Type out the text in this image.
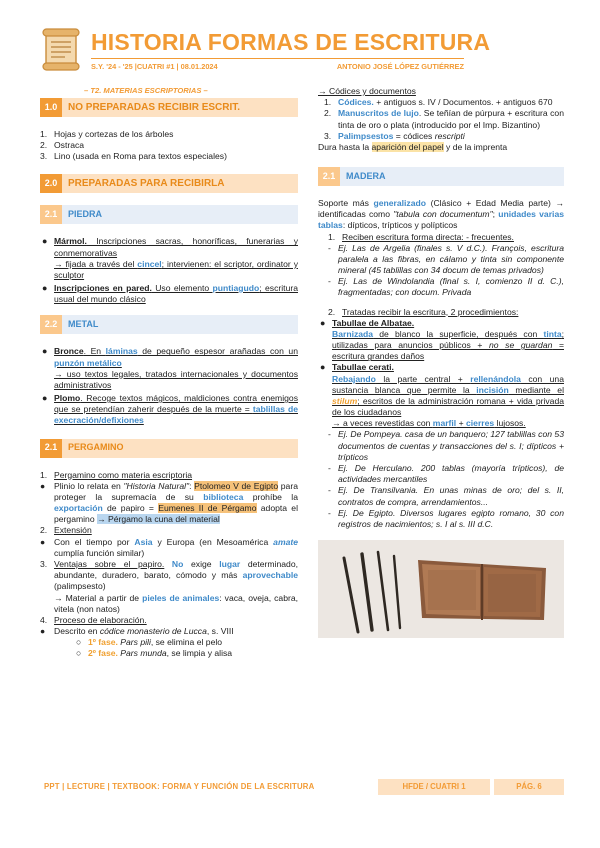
HISTORIA FORMAS DE ESCRITURA
S.Y. '24 - '25 |CUATRI #1 | 08.01.2024	ANTONIO JOSÉ LÓPEZ GUTIÉRREZ
– T2. MATERIAS ESCRIPTORIAS –
1.0	NO PREPARADAS RECIBIR ESCRIT.
1. Hojas y cortezas de los árboles
2. Ostraca
3. Lino (usada en Roma para textos especiales)
2.0	PREPARADAS PARA RECIBIRLA
2.1	PIEDRA
● Mármol. Inscripciones sacras, honoríficas, funerarias y conmemorativas
→ fijada a través del cincel; intervienen: el scriptor, ordinator y sculptor
● Inscripciones en pared. Uso elemento puntiagudo; escritura usual del mundo clásico
2.2	METAL
● Bronce. En láminas de pequeño espesor arañadas con un punzón metálico
→ uso textos legales, tratados internacionales y documentos administrativos
● Plomo. Recoge textos mágicos, maldiciones contra enemigos que se pretendían zaherir después de la muerte = tablillas de execración/defixiones
2.1	PERGAMINO
1. Pergamino como materia escriptoria
● Plinio lo relata en "Historia Natural": Ptolomeo V de Egipto para proteger la supremacía de su biblioteca prohíbe la exportación de papiro = Eumenes II de Pérgamo adopta el pergamino → Pérgamo la cuna del material
2. Extensión
● Con el tiempo por Asia y Europa (en Mesoamérica amate cumplía función similar)
3. Ventajas sobre el papiro. No exige lugar determinado, abundante, duradero, barato, cómodo y más aprovechable (palimpsesto)
→ Material a partir de pieles de animales: vaca, oveja, cabra, vitela (non natos)
4. Proceso de elaboración.
● Descrito en códice monasterio de Lucca, s. VIII
○ 1º fase. Pars pili, se elimina el pelo
○ 2º fase. Pars munda, se limpia y alisa
→ Códices y documentos
1. Códices. + antiguos s. IV / Documentos. + antiguos 670
2. Manuscritos de lujo. Se teñían de púrpura + escritura con tinta de oro o plata (introducido por el Imp. Bizantino)
3. Palimpsestos = códices rescripti
Dura hasta la aparición del papel y de la imprenta
2.1	MADERA
Soporte más generalizado (Clásico + Edad Media parte) → identificadas como "tabula con documentum"; unidades varias tablas: dípticos, trípticos y polípticos
1. Reciben escritura forma directa: - frecuentes.
- Ej. Las de Argelia (finales s. V d.C.). François, escritura paralela a las fibras, en cálamo y tinta sin componente mineral (45 tablillas con 34 docum de temas privados)
- Ej. Las de Windolandia (final s. I, comienzo II d. C.), fragmentadas; con docum. Privada
2. Tratadas recibir la escritura, 2 procedimientos:
● Tabullae de Albatae.
Barnizada de blanco la superficie, después con tinta; utilizadas para anuncios públicos + no se guardan = escritura grandes daños
● Tabullae cerati.
Rebajando la parte central + rellenándola con una sustancia blanca que permite la incisión mediante el stilum; escritos de la administración romana + vida privada de los ciudadanos
→ a veces revestidas con marfil + cierres lujosos.
- Ej. De Pompeya. casa de un banquero; 127 tablillas con 53 documentos de cuentas y transacciones del s. I; dípticos + trípticos
- Ej. De Herculano. 200 tablas (mayoría trípticos), de actividades mercantiles
- Ej. De Transilvania. En unas minas de oro; del s. II, contratos de compra, arrendamientos...
- Ej. De Egipto. Diversos lugares egipto romano, 30 con registros de nacimientos; s. I al s. III d.C.
PPT | LECTURE | TEXTBOOK: FORMA Y FUNCIÓN DE LA ESCRITURA	HFDE / CUATRI 1	PÁG. 6
